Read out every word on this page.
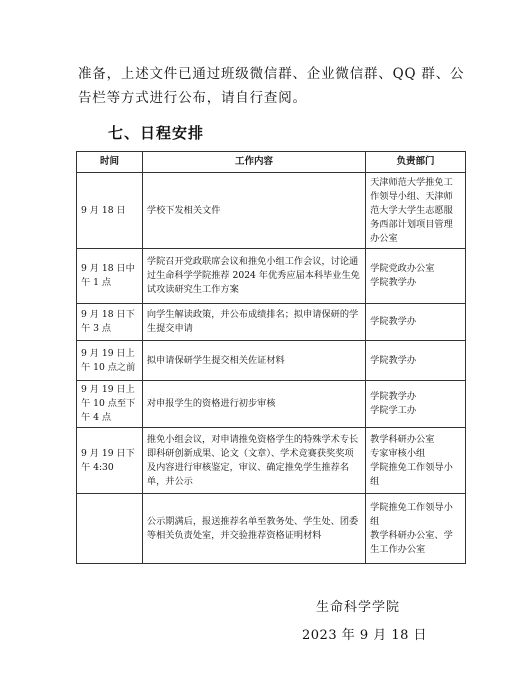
准备，上述文件已通过班级微信群、企业微信群、QQ 群、公告栏等方式进行公布，请自行查阅。

七、日程安排
时间	工作内容	负责部门
9 月 18 日	学校下发相关文件	天津师范大学推免工作领导小组、天津师范大学大学生志愿服务西部计划项目管理办公室
9 月 18 日中午 1 点	学院召开党政联席会议和推免小组工作会议，讨论通过生命科学学院推荐 2024 年优秀应届本科毕业生免试攻读研究生工作方案	学院党政办公室
学院教学办
9 月 18 日下午 3 点	向学生解读政策，并公布成绩排名；拟申请保研的学生提交申请	学院教学办
9 月 19 日上午 10 点之前	拟申请保研学生提交相关佐证材料	学院教学办
9 月 19 日上午 10 点至下午 4 点	对申报学生的资格进行初步审核	学院教学办
学院学工办
9 月 19 日下午 4:30	推免小组会议，对申请推免资格学生的特殊学术专长即科研创新成果、论文（文章）、学术竞赛获奖奖项及内容进行审核鉴定，审议、确定推免学生推荐名单，并公示	教学科研办公室
专家审核小组
学院推免工作领导小组
	公示期满后，报送推荐名单至教务处、学生处、团委等相关负责处室，并交验推荐资格证明材料	学院推免工作领导小组
教学科研办公室、学生工作办公室
生命科学学院
2023 年 9 月 18 日
